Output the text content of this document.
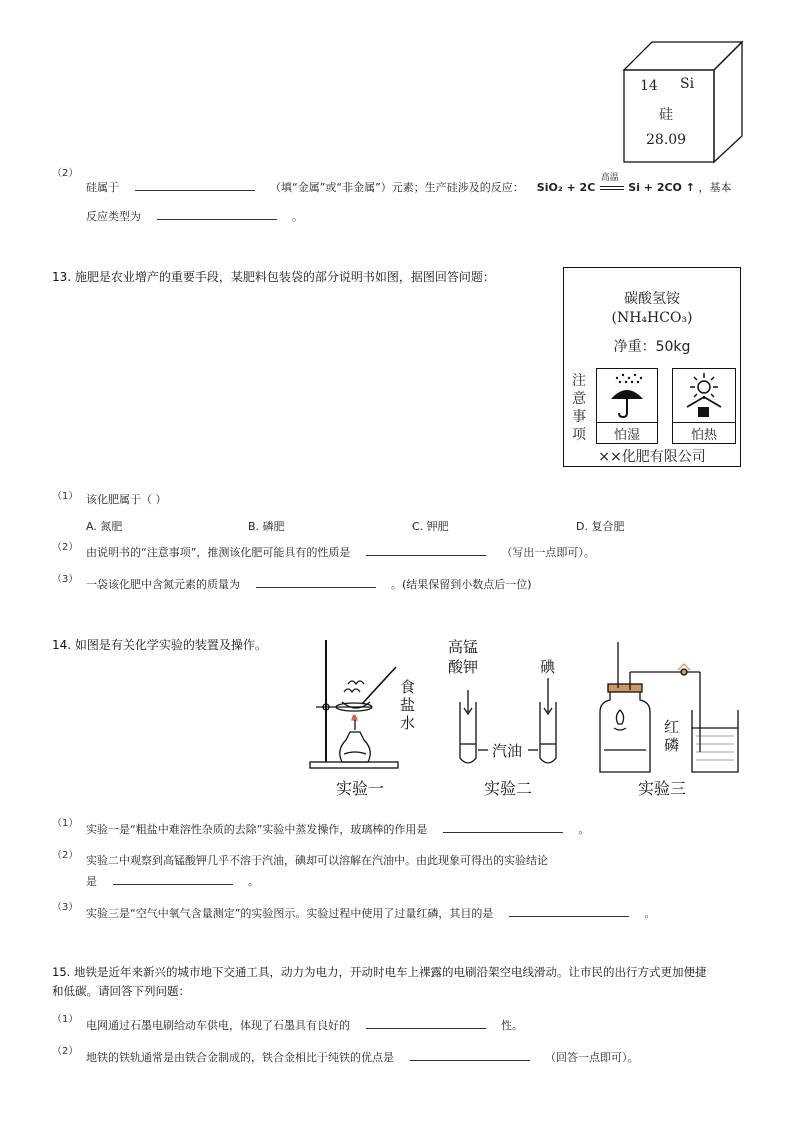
14 Si
硅
28.09
（2）
硅属于	（填“金属”或“非金属”）元素；生产硅涉及的反应： SiO₂ + 2C
高温
Si + 2CO ↑ ，基本
反应类型为	。
13. 施肥是农业增产的重要手段，某肥料包装袋的部分说明书如图，据图回答问题：
碳酸氢铵
(NH₄HCO₃)
净重：50kg
注
意
事
项	怕湿	怕热
××化肥有限公司
（1） 该化肥属于（ ）
A. 氮肥	B. 磷肥	C. 钾肥	D. 复合肥
（2） 由说明书的“注意事项”，推测该化肥可能具有的性质是	（写出一点即可）。
（3） 一袋该化肥中含氮元素的质量为	。(结果保留到小数点后一位)
14. 如图是有关化学实验的装置及操作。
食
盐
水
实验一
高锰
酸钾	碘
汽油
实验二
红
磷
实验三
（1） 实验一是“粗盐中难溶性杂质的去除”实验中蒸发操作，玻璃棒的作用是	。
（2） 实验二中观察到高锰酸钾几乎不溶于汽油，碘却可以溶解在汽油中。由此现象可得出的实验结论
是	。
（3） 实验三是“空气中氧气含量测定”的实验图示。实验过程中使用了过量红磷，其目的是	。
15. 地铁是近年来新兴的城市地下交通工具，动力为电力，开动时电车上裸露的电刷沿架空电线滑动。让市民的出行方式更加便捷
和低碳。请回答下列问题：
（1） 电网通过石墨电刷给动车供电，体现了石墨具有良好的	性。
（2） 地铁的铁轨通常是由铁合金制成的，铁合金相比于纯铁的优点是	（回答一点即可）。
